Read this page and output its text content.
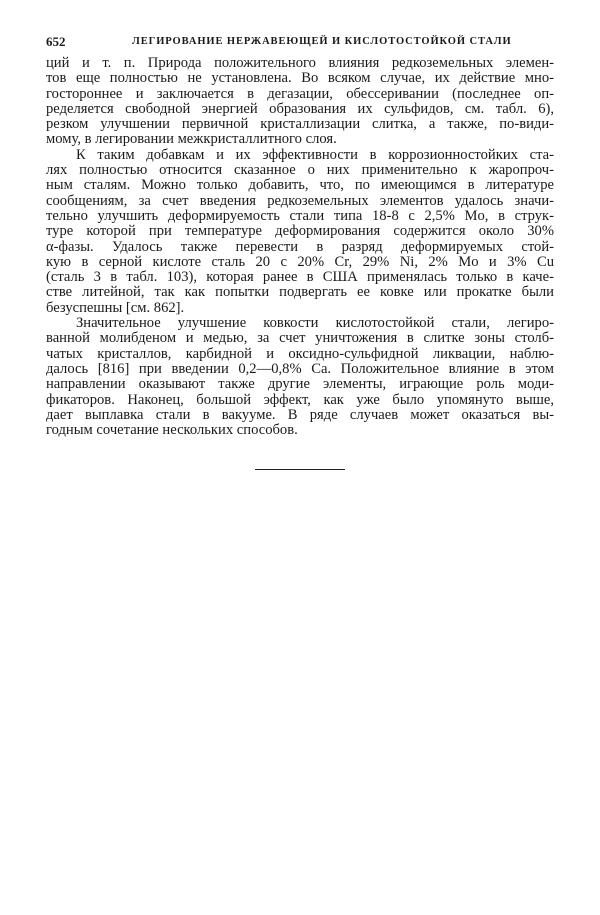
652	ЛЕГИРОВАНИЕ НЕРЖАВЕЮЩЕЙ И КИСЛОТОСТОЙКОЙ СТАЛИ
ций и т. п. Природа положительного влияния редкоземельных элемен-
тов еще полностью не установлена. Во всяком случае, их действие мно-
гостороннее и заключается в дегазации, обессеривании (последнее оп-
ределяется свободной энергией образования их сульфидов, см. табл. 6),
резком улучшении первичной кристаллизации слитка, а также, по-види-
мому, в легировании межкристаллитного слоя.
К таким добавкам и их эффективности в коррозионностойких ста-
лях полностью относится сказанное о них применительно к жаропроч-
ным сталям. Можно только добавить, что, по имеющимся в литературе
сообщениям, за счет введения редкоземельных элементов удалось значи-
тельно улучшить деформируемость стали типа 18-8 с 2,5% Mo, в струк-
туре которой при температуре деформирования содержится около 30%
α-фазы. Удалось также перевести в разряд деформируемых стой-
кую в серной кислоте сталь 20 с 20% Cr, 29% Ni, 2% Mo и 3% Cu
(сталь 3 в табл. 103), которая ранее в США применялась только в каче-
стве литейной, так как попытки подвергать ее ковке или прокатке были
безуспешны [см. 862].
Значительное улучшение ковкости кислотостойкой стали, легиро-
ванной молибденом и медью, за счет уничтожения в слитке зоны столб-
чатых кристаллов, карбидной и оксидно-сульфидной ликвации, наблю-
далось [816] при введении 0,2—0,8% Ca. Положительное влияние в этом
направлении оказывают также другие элементы, играющие роль моди-
фикаторов. Наконец, большой эффект, как уже было упомянуто выше,
дает выплавка стали в вакууме. В ряде случаев может оказаться вы-
годным сочетание нескольких способов.
